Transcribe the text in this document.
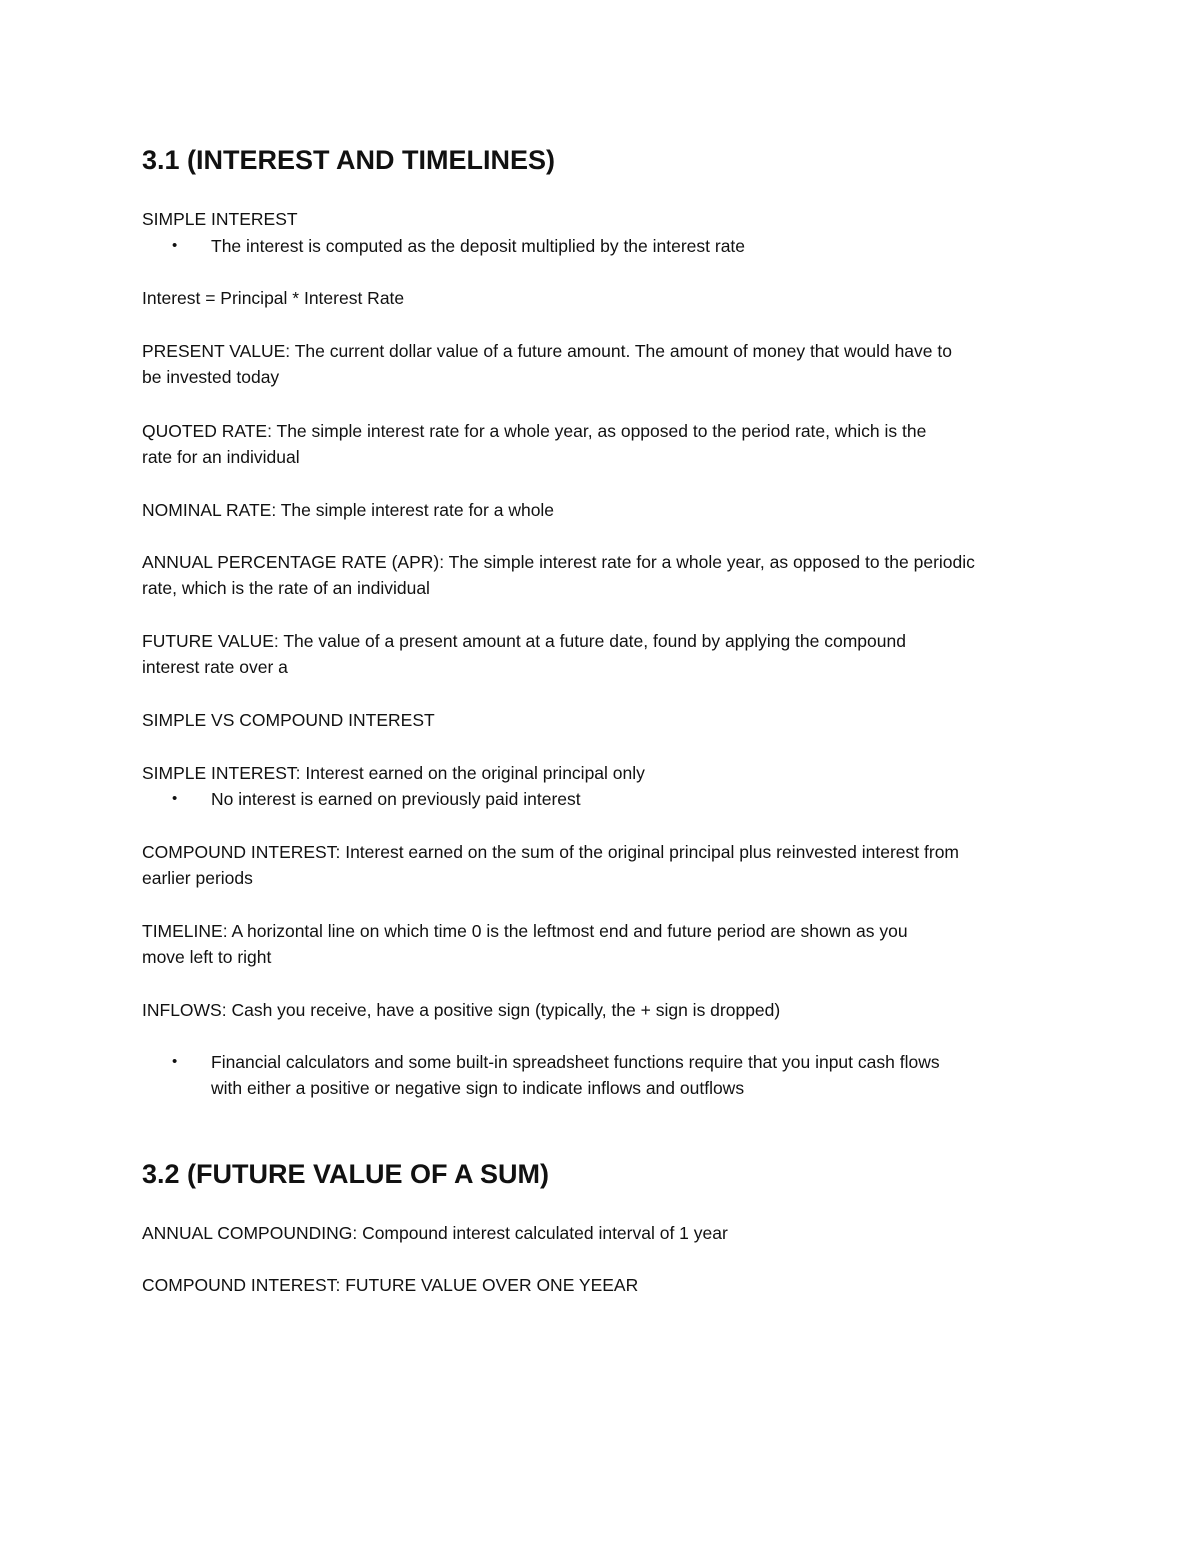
3.1 (INTEREST AND TIMELINES)
SIMPLE INTEREST
• The interest is computed as the deposit multiplied by the interest rate
Interest = Principal * Interest Rate
PRESENT VALUE: The current dollar value of a future amount. The amount of money that would have to
be invested today
QUOTED RATE: The simple interest rate for a whole year, as opposed to the period rate, which is the
rate for an individual
NOMINAL RATE: The simple interest rate for a whole
ANNUAL PERCENTAGE RATE (APR): The simple interest rate for a whole year, as opposed to the periodic
rate, which is the rate of an individual
FUTURE VALUE: The value of a present amount at a future date, found by applying the compound
interest rate over a
SIMPLE VS COMPOUND INTEREST
SIMPLE INTEREST: Interest earned on the original principal only
• No interest is earned on previously paid interest
COMPOUND INTEREST: Interest earned on the sum of the original principal plus reinvested interest from
earlier periods
TIMELINE: A horizontal line on which time 0 is the leftmost end and future period are shown as you
move left to right
INFLOWS: Cash you receive, have a positive sign (typically, the + sign is dropped)
• Financial calculators and some built-in spreadsheet functions require that you input cash flows
with either a positive or negative sign to indicate inflows and outflows
3.2 (FUTURE VALUE OF A SUM)
ANNUAL COMPOUNDING: Compound interest calculated interval of 1 year
COMPOUND INTEREST: FUTURE VALUE OVER ONE YEEAR
